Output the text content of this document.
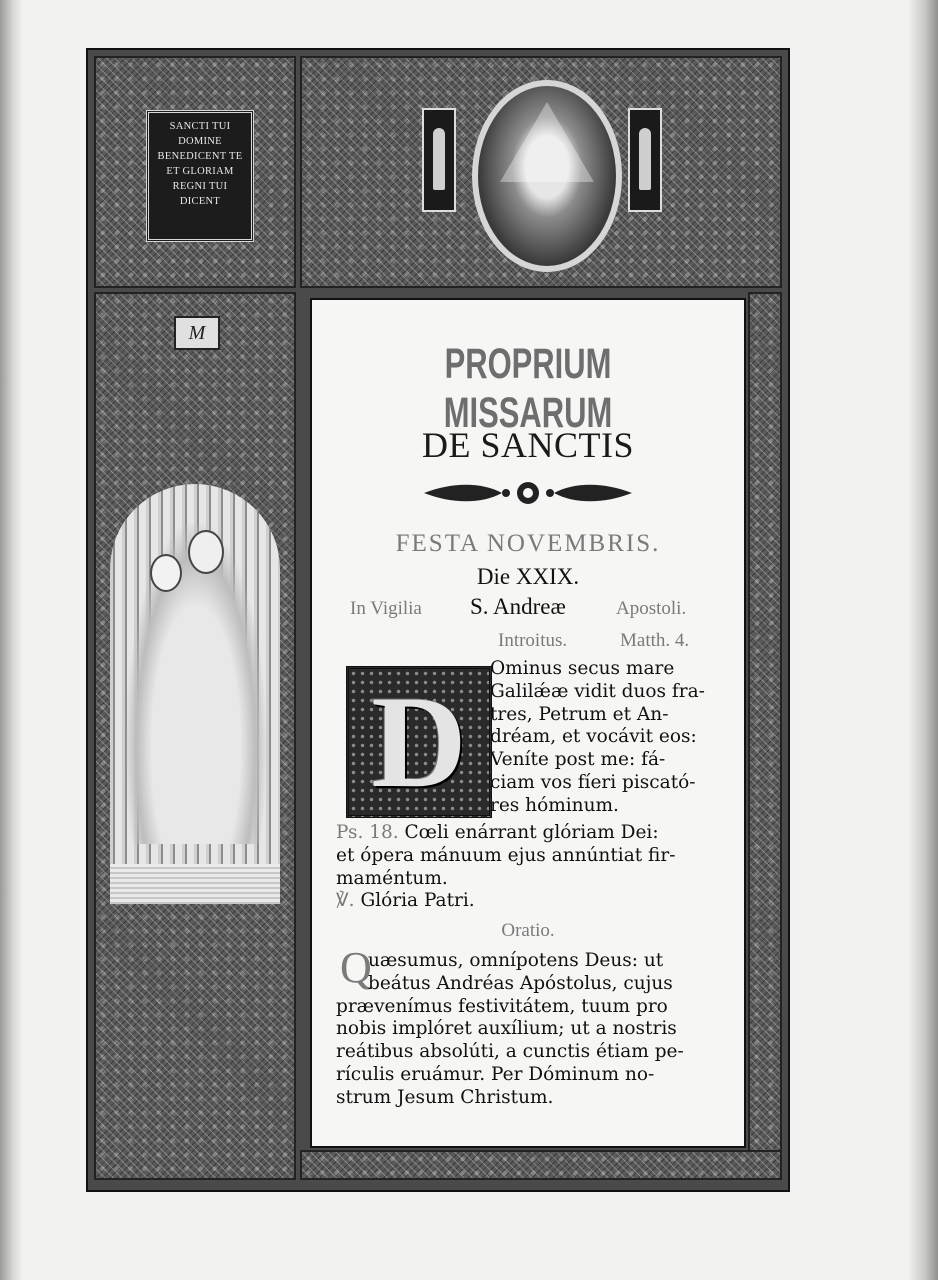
SANCTI TUI
DOMINE
BENEDICENT TE
ET GLORIAM
REGNI TUI
DICENT
M
PROPRIUM MISSARUM
DE SANCTIS
FESTA NOVEMBRIS.
Die XXIX.
In Vigilia S. Andreæ	Apostoli.
Introitus.	Matth. 4.
D	Ominus secus mare
Galilǽæ vidit duos fra-
tres, Petrum et An-
dréam, et vocávit eos:
Veníte post me: fá-
ciam vos fíeri piscató-
res hóminum.
Ps. 18. Cœli enárrant glóriam Dei:
et ópera mánuum ejus annúntiat fir-
maméntum.
℣. Glória Patri.
Oratio.
Q
uæsumus, omnípotens Deus: ut
beátus Andréas Apóstolus, cujus
prævenímus festivitátem, tuum pro
nobis implóret auxílium; ut a nostris
reátibus absolúti, a cunctis étiam pe-
rículis eruámur. Per Dóminum no-
strum Jesum Christum.
